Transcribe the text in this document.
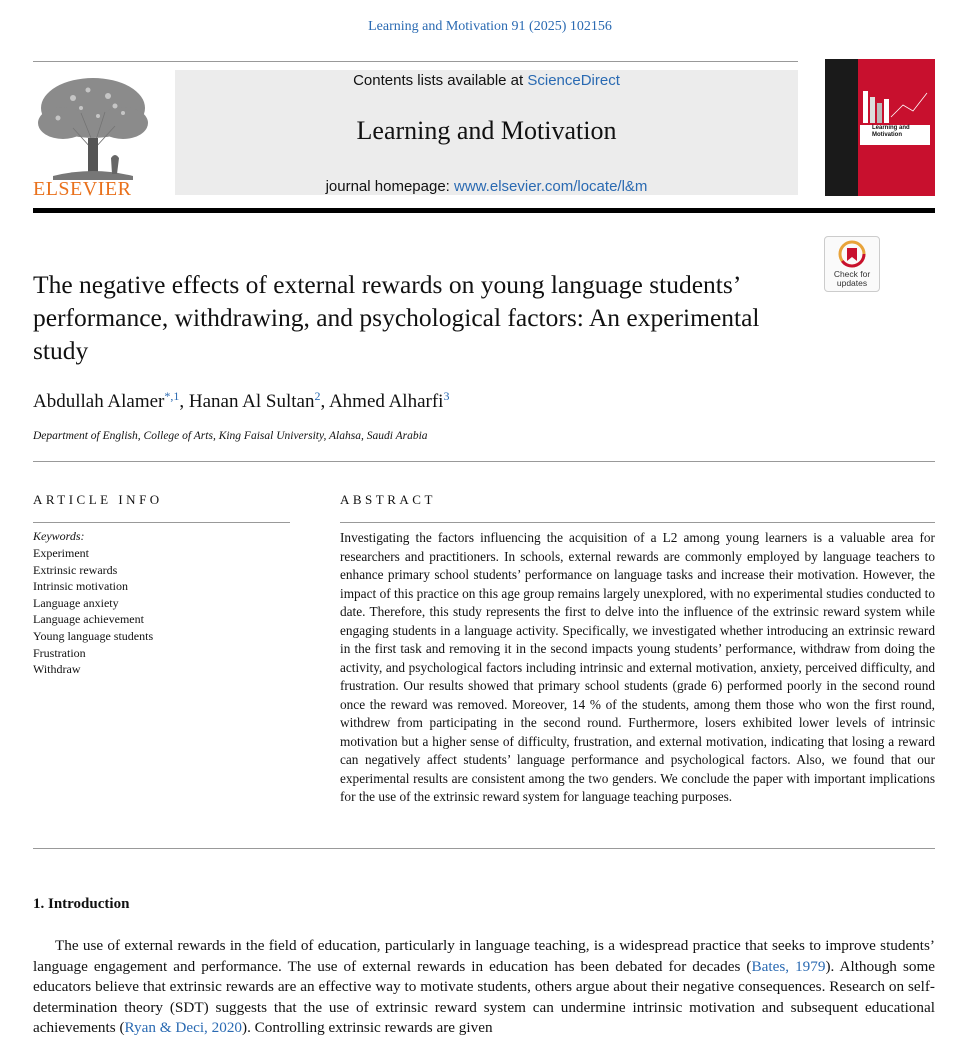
Learning and Motivation 91 (2025) 102156
ELSEVIER
Contents lists available at ScienceDirect
Learning and Motivation
journal homepage: www.elsevier.com/locate/l&m
Learning and Motivation
Check for
updates
The negative effects of external rewards on young language students’ performance, withdrawing, and psychological factors: An experimental study
Abdullah Alamer$^{*,1}$, Hanan Al Sultan$^2$, Ahmed Alharfi$^3$
Department of English, College of Arts, King Faisal University, Alahsa, Saudi Arabia
ARTICLE INFO
Keywords:
Experiment
Extrinsic rewards
Intrinsic motivation
Language anxiety
Language achievement
Young language students
Frustration
Withdraw
ABSTRACT
Investigating the factors influencing the acquisition of a L2 among young learners is a valuable area for researchers and practitioners. In schools, external rewards are commonly employed by language teachers to enhance primary school students’ performance on language tasks and increase their motivation. However, the impact of this practice on this age group remains largely unexplored, with no experimental studies conducted to date. Therefore, this study represents the first to delve into the influence of the extrinsic reward system while engaging students in a language activity. Specifically, we investigated whether introducing an extrinsic reward in the first task and removing it in the second impacts young students’ performance, withdraw from doing the activity, and psychological factors including intrinsic and external motivation, anxiety, perceived difficulty, and frustration. Our results showed that primary school students (grade 6) performed poorly in the second round once the reward was removed. Moreover, 14 % of the students, among them those who won the first round, withdrew from participating in the second round. Furthermore, losers exhibited lower levels of intrinsic motivation but a higher sense of difficulty, frustration, and external motivation, indicating that losing a reward can negatively affect students’ language performance and psychological factors. Also, we found that our experimental results are consistent among the two genders. We conclude the paper with important implications for the use of the extrinsic reward system for language teaching purposes.
1. Introduction
The use of external rewards in the field of education, particularly in language teaching, is a widespread practice that seeks to improve students’ language engagement and performance. The use of external rewards in education has been debated for decades (Bates, 1979). Although some educators believe that extrinsic rewards are an effective way to motivate students, others argue about their negative consequences. Research on self-determination theory (SDT) suggests that the use of extrinsic reward system can undermine intrinsic motivation and subsequent educational achievements (Ryan & Deci, 2020). Controlling extrinsic rewards are given
